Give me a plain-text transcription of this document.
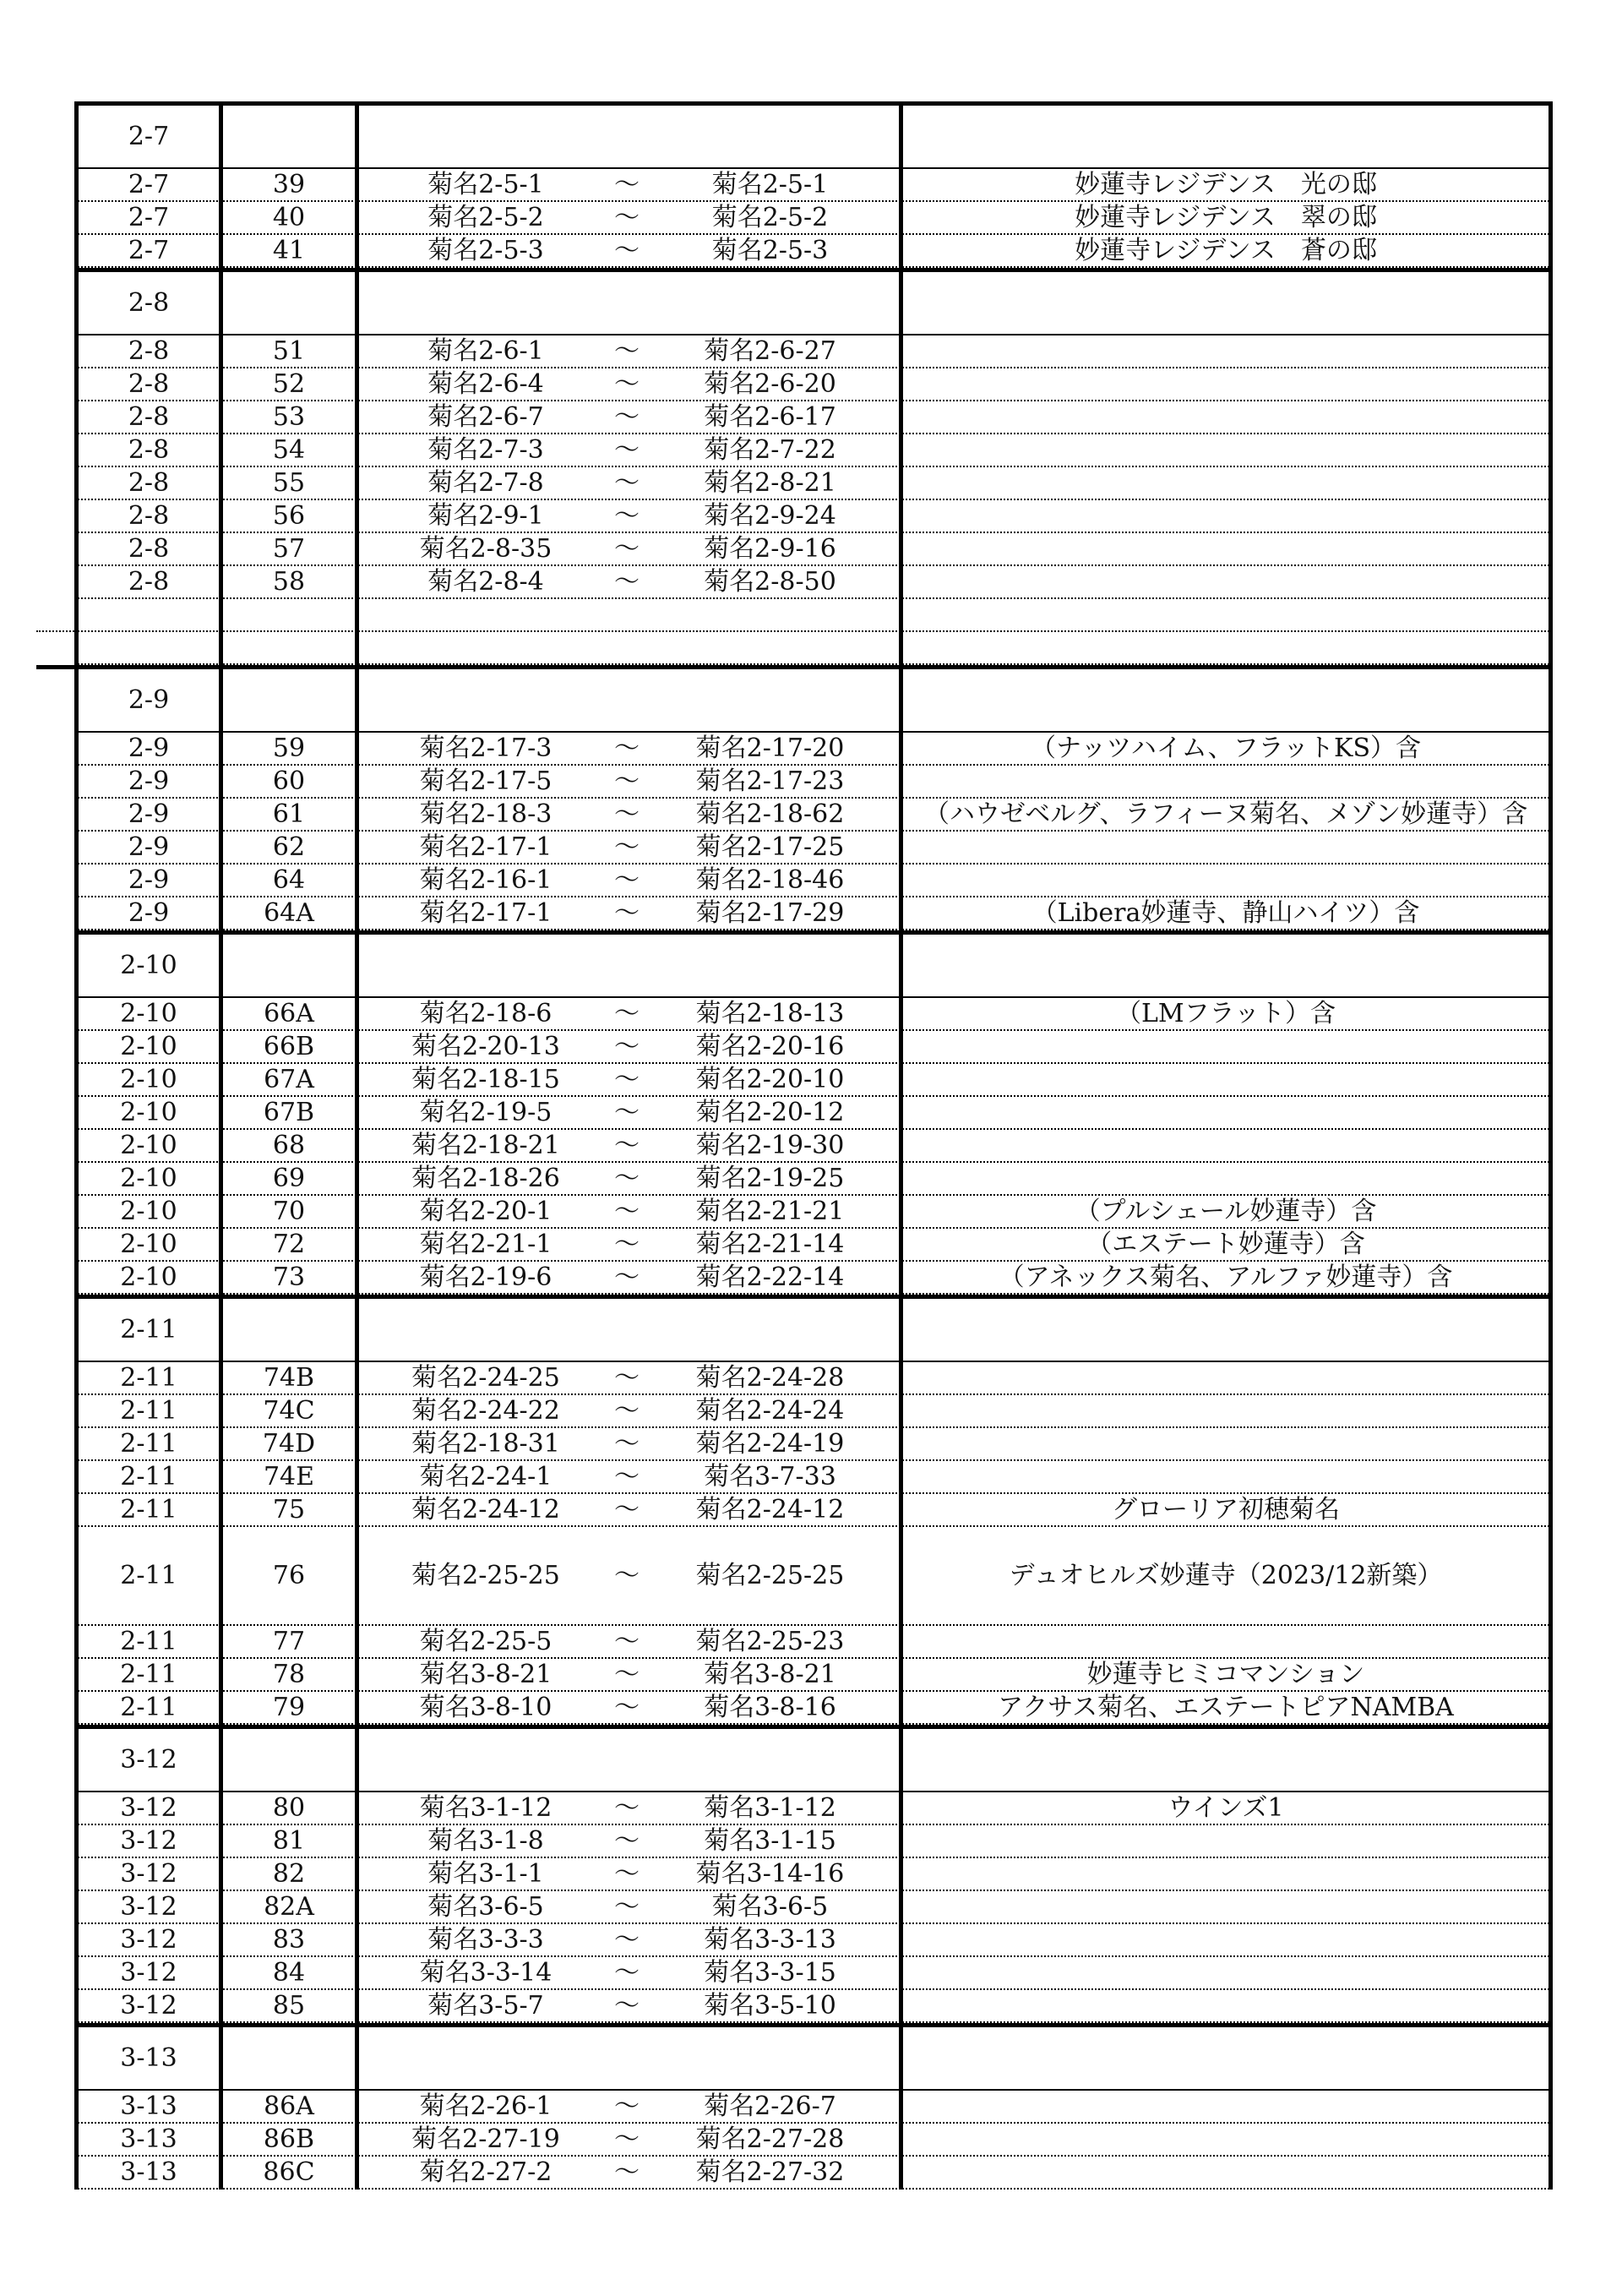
2-7
2-7	39	菊名2-5-1	〜	菊名2-5-1	妙蓮寺レジデンス　光の邸
2-7	40	菊名2-5-2	〜	菊名2-5-2	妙蓮寺レジデンス　翠の邸
2-7	41	菊名2-5-3	〜	菊名2-5-3	妙蓮寺レジデンス　蒼の邸
2-8
2-8	51	菊名2-6-1	〜	菊名2-6-27
2-8	52	菊名2-6-4	〜	菊名2-6-20
2-8	53	菊名2-6-7	〜	菊名2-6-17
2-8	54	菊名2-7-3	〜	菊名2-7-22
2-8	55	菊名2-7-8	〜	菊名2-8-21
2-8	56	菊名2-9-1	〜	菊名2-9-24
2-8	57	菊名2-8-35	〜	菊名2-9-16
2-8	58	菊名2-8-4	〜	菊名2-8-50
2-9
2-9	59	菊名2-17-3	〜	菊名2-17-20	（ナッツハイム、フラットKS）含
2-9	60	菊名2-17-5	〜	菊名2-17-23
2-9	61	菊名2-18-3	〜	菊名2-18-62	（ハウゼベルグ、ラフィーヌ菊名、メゾン妙蓮寺）含
2-9	62	菊名2-17-1	〜	菊名2-17-25
2-9	64	菊名2-16-1	〜	菊名2-18-46
2-9	64A	菊名2-17-1	〜	菊名2-17-29	（Libera妙蓮寺、静山ハイツ）含
2-10
2-10	66A	菊名2-18-6	〜	菊名2-18-13	（LMフラット）含
2-10	66B	菊名2-20-13	〜	菊名2-20-16
2-10	67A	菊名2-18-15	〜	菊名2-20-10
2-10	67B	菊名2-19-5	〜	菊名2-20-12
2-10	68	菊名2-18-21	〜	菊名2-19-30
2-10	69	菊名2-18-26	〜	菊名2-19-25
2-10	70	菊名2-20-1	〜	菊名2-21-21	（プルシェール妙蓮寺）含
2-10	72	菊名2-21-1	〜	菊名2-21-14	（エステート妙蓮寺）含
2-10	73	菊名2-19-6	〜	菊名2-22-14	（アネックス菊名、アルファ妙蓮寺）含
2-11
2-11	74B	菊名2-24-25	〜	菊名2-24-28
2-11	74C	菊名2-24-22	〜	菊名2-24-24
2-11	74D	菊名2-18-31	〜	菊名2-24-19
2-11	74E	菊名2-24-1	〜	菊名3-7-33
2-11	75	菊名2-24-12	〜	菊名2-24-12	グローリア初穂菊名
2-11	76	菊名2-25-25	〜	菊名2-25-25	デュオヒルズ妙蓮寺（2023/12新築）
2-11	77	菊名2-25-5	〜	菊名2-25-23
2-11	78	菊名3-8-21	〜	菊名3-8-21	妙蓮寺ヒミコマンション
2-11	79	菊名3-8-10	〜	菊名3-8-16	アクサス菊名、エステートピアNAMBA
3-12
3-12	80	菊名3-1-12	〜	菊名3-1-12	ウインズ1
3-12	81	菊名3-1-8	〜	菊名3-1-15
3-12	82	菊名3-1-1	〜	菊名3-14-16
3-12	82A	菊名3-6-5	〜	菊名3-6-5
3-12	83	菊名3-3-3	〜	菊名3-3-13
3-12	84	菊名3-3-14	〜	菊名3-3-15
3-12	85	菊名3-5-7	〜	菊名3-5-10
3-13
3-13	86A	菊名2-26-1	〜	菊名2-26-7
3-13	86B	菊名2-27-19	〜	菊名2-27-28
3-13	86C	菊名2-27-2	〜	菊名2-27-32
